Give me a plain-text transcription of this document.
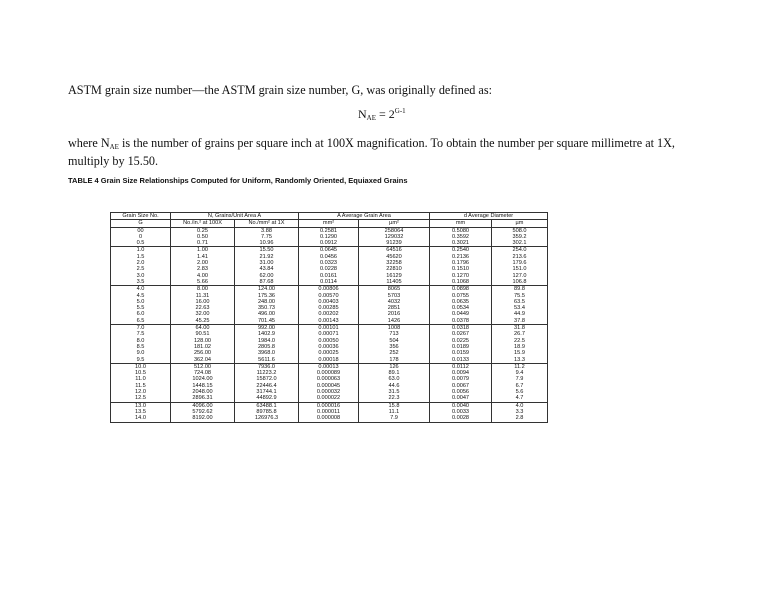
ASTM grain size number—the ASTM grain size number, G, was originally defined as:
$N_{AE} = 2^{G-1}$
where $N_{AE}$ is the number of grains per square inch at 100X magnification. To obtain the number per square millimetre at 1X, multiply by 15.50.
TABLE 4 Grain Size Relationships Computed for Uniform, Randomly Oriented, Equiaxed Grains
Grain Size No.	N, Grains/Unit Area A		A Average Grain Area		d Average Diameter	
G	No./in.² at 100X	No./mm² at 1X	mm²	µm²	mm	µm
00	0.25	3.88	0.2581	258064	0.5080	508.0
0	0.50	7.75	0.1290	129032	0.3592	359.2
0.5	0.71	10.96	0.0912	91239	0.3021	302.1
1.0	1.00	15.50	0.0645	64516	0.2540	254.0
1.5	1.41	21.92	0.0456	45620	0.2136	213.6
2.0	2.00	31.00	0.0323	32258	0.1796	179.6
2.5	2.83	43.84	0.0228	22810	0.1510	151.0
3.0	4.00	62.00	0.0161	16129	0.1270	127.0
3.5	5.66	87.68	0.0114	11405	0.1068	106.8
4.0	8.00	124.00	0.00806	8065	0.0898	89.8
4.5	11.31	175.36	0.00570	5703	0.0755	75.5
5.0	16.00	248.00	0.00403	4032	0.0635	63.5
5.5	22.63	350.73	0.00285	2851	0.0534	53.4
6.0	32.00	496.00	0.00202	2016	0.0449	44.9
6.5	45.25	701.45	0.00143	1426	0.0378	37.8
7.0	64.00	992.00	0.00101	1008	0.0318	31.8
7.5	90.51	1402.9	0.00071	713	0.0267	26.7
8.0	128.00	1984.0	0.00050	504	0.0225	22.5
8.5	181.02	2805.8	0.00036	356	0.0189	18.9
9.0	256.00	3968.0	0.00025	252	0.0159	15.9
9.5	362.04	5611.6	0.00018	178	0.0133	13.3
10.0	512.00	7936.0	0.00013	126	0.0112	11.2
10.5	724.08	11223.2	0.000089	89.1	0.0094	9.4
11.0	1024.00	15872.0	0.000063	63.0	0.0079	7.9
11.5	1448.15	22446.4	0.000045	44.6	0.0067	6.7
12.0	2048.00	31744.1	0.000032	31.5	0.0056	5.6
12.5	2896.31	44892.9	0.000022	22.3	0.0047	4.7
13.0	4096.00	63488.1	0.000016	15.8	0.0040	4.0
13.5	5792.62	89785.8	0.000011	11.1	0.0033	3.3
14.0	8192.00	126976.3	0.000008	7.9	0.0028	2.8
